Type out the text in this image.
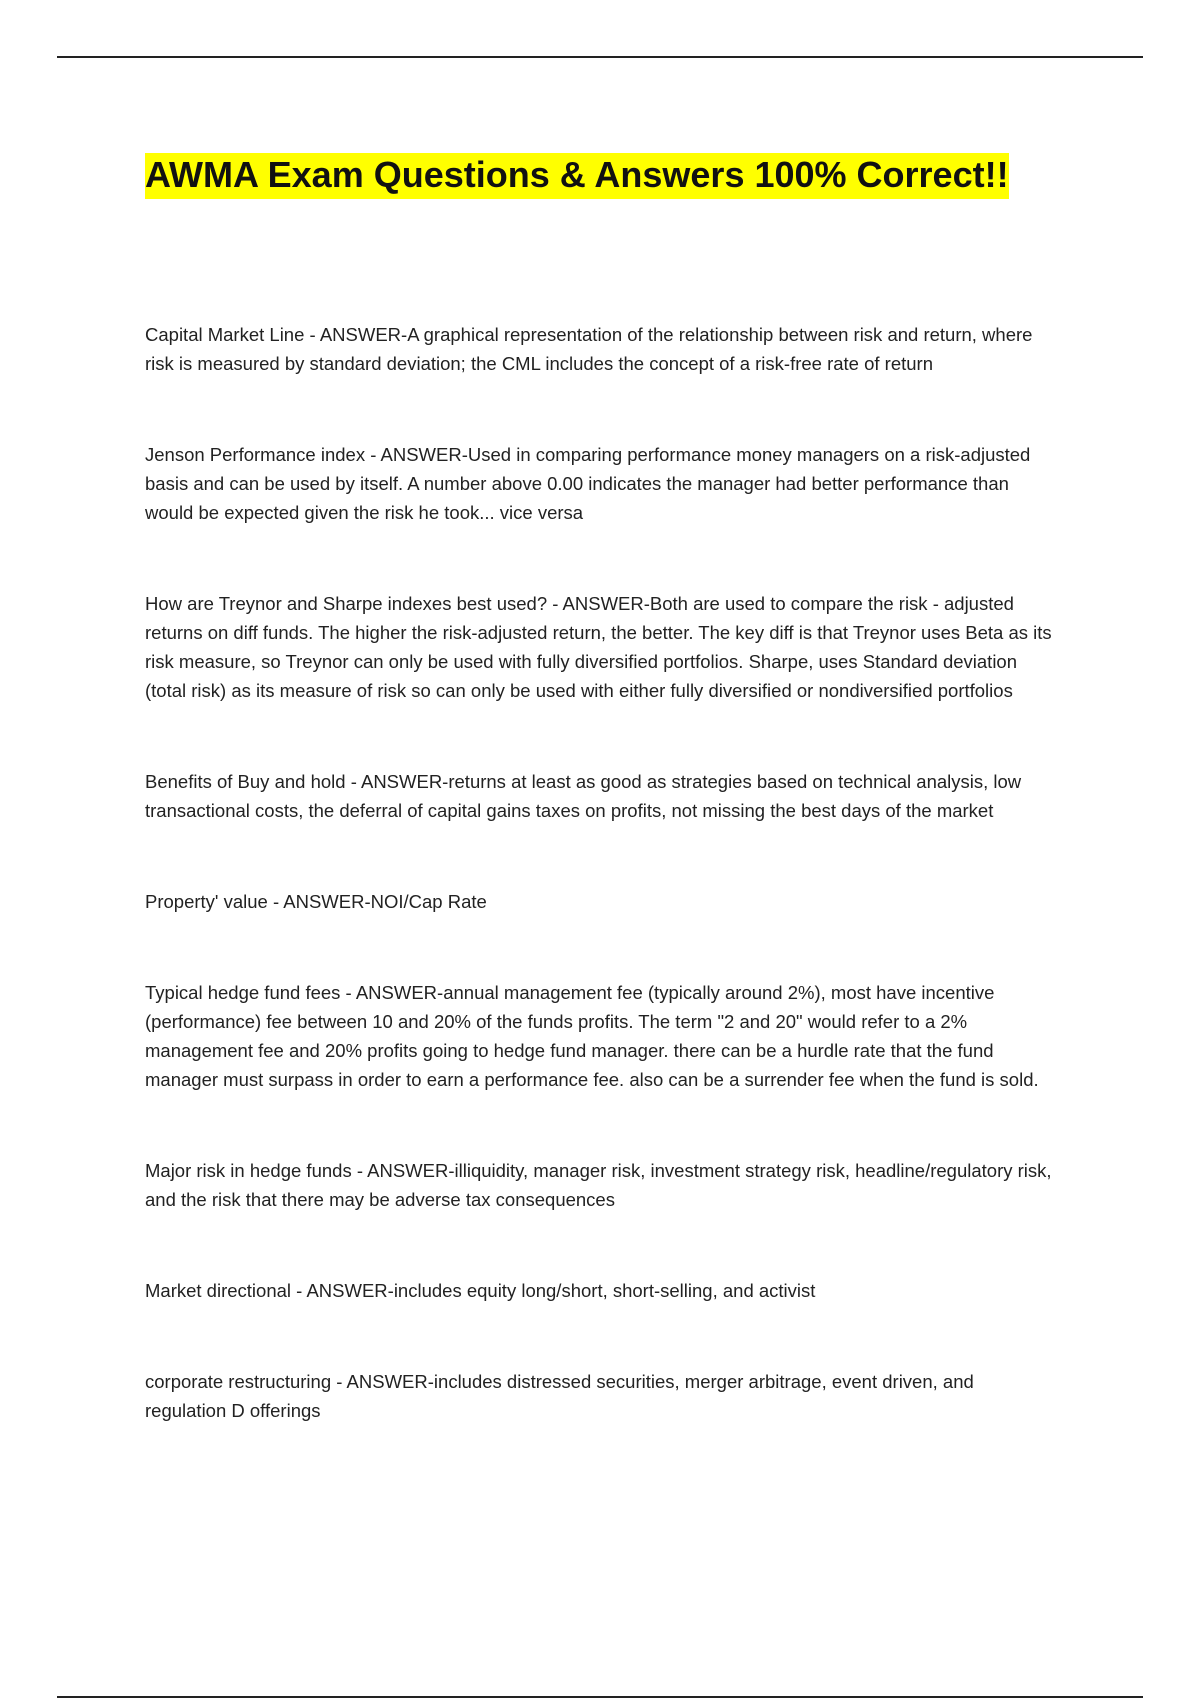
AWMA Exam Questions & Answers 100% Correct!!

Capital Market Line - ANSWER-A graphical representation of the relationship between risk and return, where risk is measured by standard deviation; the CML includes the concept of a risk-free rate of return

Jenson Performance index - ANSWER-Used in comparing performance money managers on a risk-adjusted basis and can be used by itself. A number above 0.00 indicates the manager had better performance than would be expected given the risk he took... vice versa

How are Treynor and Sharpe indexes best used? - ANSWER-Both are used to compare the risk - adjusted returns on diff funds. The higher the risk-adjusted return, the better. The key diff is that Treynor uses Beta as its risk measure, so Treynor can only be used with fully diversified portfolios. Sharpe, uses Standard deviation (total risk) as its measure of risk so can only be used with either fully diversified or nondiversified portfolios

Benefits of Buy and hold - ANSWER-returns at least as good as strategies based on technical analysis, low transactional costs, the deferral of capital gains taxes on profits, not missing the best days of the market

Property' value - ANSWER-NOI/Cap Rate

Typical hedge fund fees - ANSWER-annual management fee (typically around 2%), most have incentive (performance) fee between 10 and 20% of the funds profits. The term "2 and 20" would refer to a 2% management fee and 20% profits going to hedge fund manager. there can be a hurdle rate that the fund manager must surpass in order to earn a performance fee. also can be a surrender fee when the fund is sold.

Major risk in hedge funds - ANSWER-illiquidity, manager risk, investment strategy risk, headline/regulatory risk, and the risk that there may be adverse tax consequences

Market directional - ANSWER-includes equity long/short, short-selling, and activist

corporate restructuring - ANSWER-includes distressed securities, merger arbitrage, event driven, and regulation D offerings
